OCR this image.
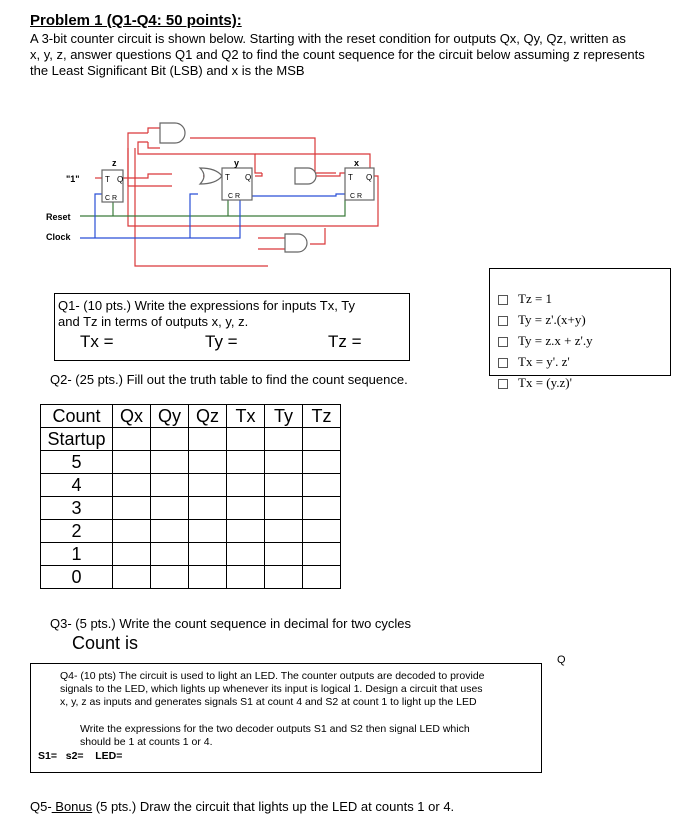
Problem 1 (Q1-Q4: 50 points):
A 3-bit counter circuit is shown below. Starting with the reset condition for outputs Qx, Qy, Qz, written as
x, y, z, answer questions Q1 and Q2 to find the count sequence for the circuit below assuming z represents
the Least Significant Bit (LSB) and x is the MSB
T Q
C R
T Q
C R
T Q
C R
"1"
Reset
Clock
z	y	x
Q1- (10 pts.) Write the expressions for inputs Tx, Ty
and Tz in terms of outputs x, y, z.
Tx =	Ty =	Tz =
Q2- (25 pts.) Fill out the truth table to find the count sequence.
Tz = 1
Ty = z'.(x+y)
Ty = z.x + z'.y
Tx = y'. z'
Tx = (y.z)'
Count	Qx	Qy	Qz	Tx	Ty	Tz
Startup						
5						
4						
3						
2						
1						
0						
Q3- (5 pts.) Write the count sequence in decimal for two cycles
Count is
Q
Q4- (10 pts) The circuit is used to light an LED. The counter outputs are decoded to provide
signals to the LED, which lights up whenever its input is logical 1. Design a circuit that uses
x, y, z as inputs and generates signals S1 at count 4 and S2 at count 1 to light up the LED
Write the expressions for the two decoder outputs S1 and S2 then signal LED which
should be 1 at counts 1 or 4.
S1= s2= LED=
Q5- Bonus (5 pts.) Draw the circuit that lights up the LED at counts 1 or 4.
